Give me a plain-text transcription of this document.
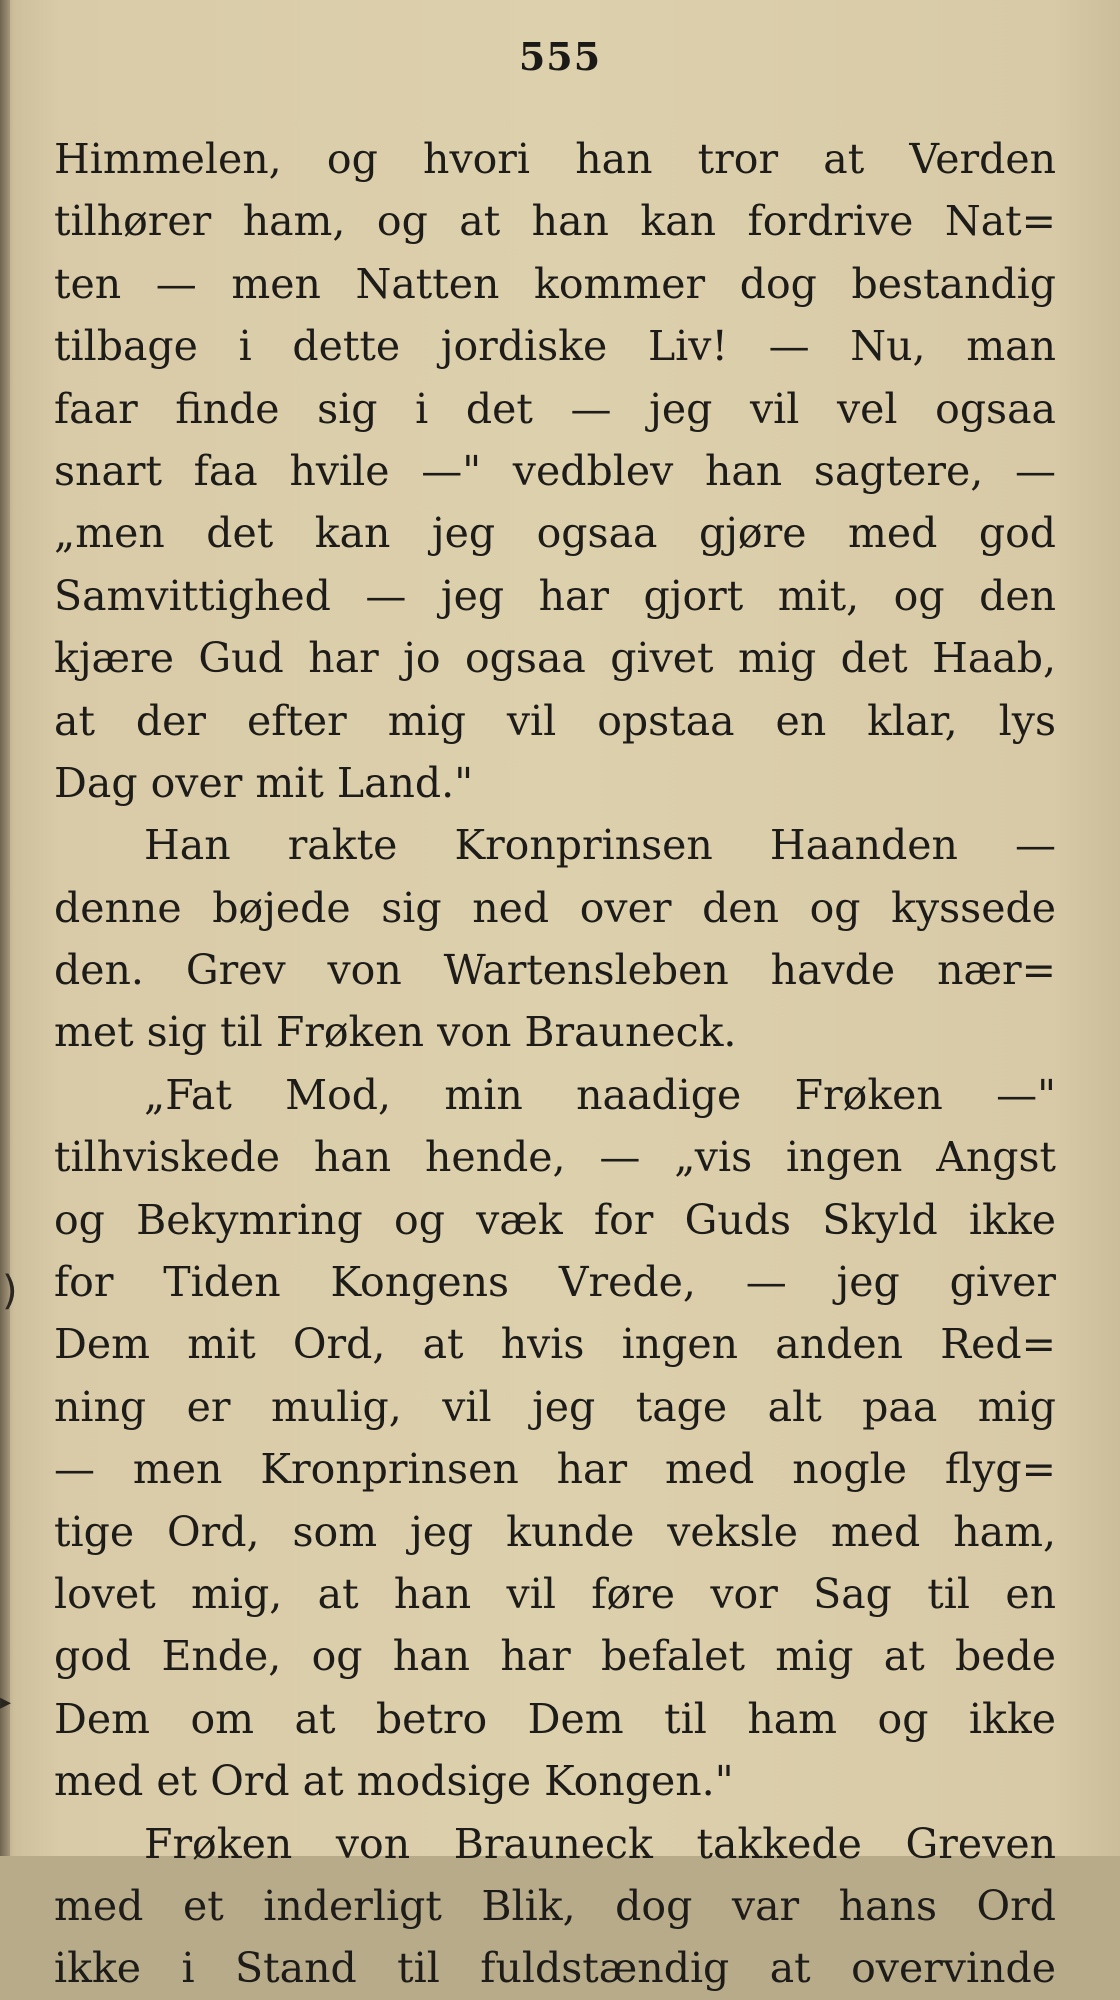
555
Himmelen, og hvori han tror at Verden
tilhører ham, og at han kan fordrive Nat=
ten — men Natten kommer dog bestandig
tilbage i dette jordiske Liv! — Nu, man
faar finde sig i det — jeg vil vel ogsaa
snart faa hvile —" vedblev han sagtere, —
„men det kan jeg ogsaa gjøre med god
Samvittighed — jeg har gjort mit, og den
kjære Gud har jo ogsaa givet mig det Haab,
at der efter mig vil opstaa en klar, lys
Dag over mit Land."
Han rakte Kronprinsen Haanden —
denne bøjede sig ned over den og kyssede
den. Grev von Wartensleben havde nær=
met sig til Frøken von Brauneck.
„Fat Mod, min naadige Frøken —"
tilhviskede han hende, — „vis ingen Angst
og Bekymring og væk for Guds Skyld ikke
for Tiden Kongens Vrede, — jeg giver
Dem mit Ord, at hvis ingen anden Red=
ning er mulig, vil jeg tage alt paa mig
— men Kronprinsen har med nogle flyg=
tige Ord, som jeg kunde veksle med ham,
lovet mig, at han vil føre vor Sag til en
god Ende, og han har befalet mig at bede
Dem om at betro Dem til ham og ikke
med et Ord at modsige Kongen."
Frøken von Brauneck takkede Greven
med et inderligt Blik, dog var hans Ord
ikke i Stand til fuldstændig at overvinde
)
▸
